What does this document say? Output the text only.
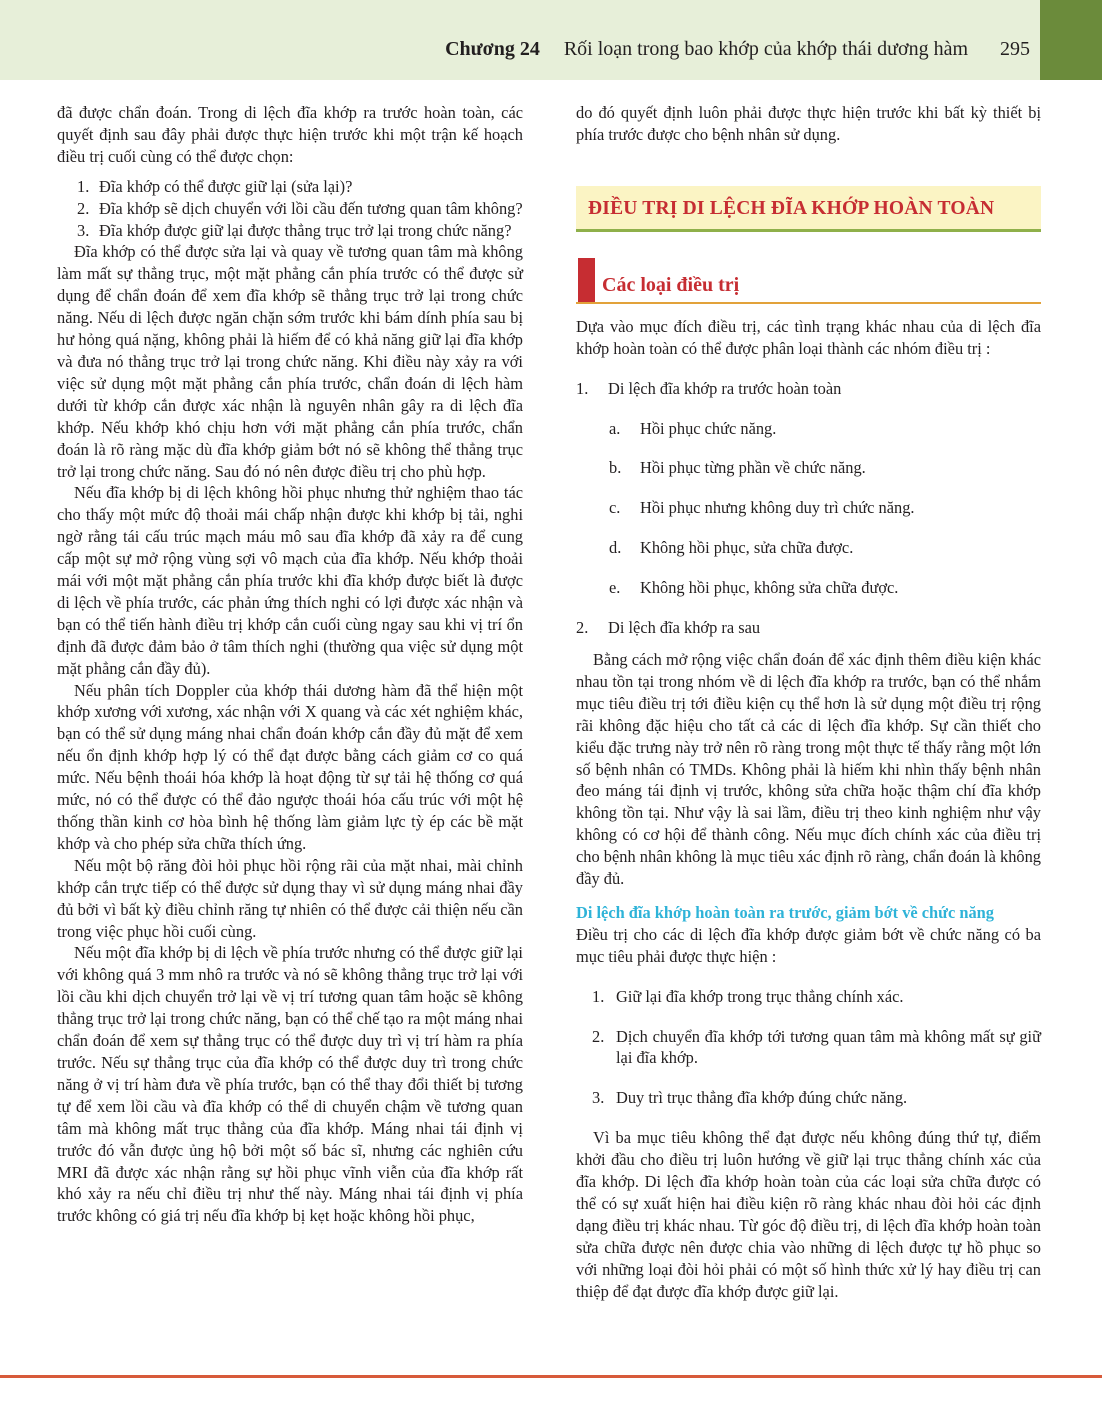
Chương 24 Rối loạn trong bao khớp của khớp thái dương hàm 295

đã được chẩn đoán. Trong di lệch đĩa khớp ra trước hoàn toàn, các quyết định sau đây phải được thực hiện trước khi một trận kế hoạch điều trị cuối cùng có thể được chọn:

1. Đĩa khớp có thể được giữ lại (sửa lại)?
2. Đĩa khớp sẽ dịch chuyển với lồi cầu đến tương quan tâm không?
3. Đĩa khớp được giữ lại được thẳng trục trở lại trong chức năng?

Đĩa khớp có thể được sửa lại và quay về tương quan tâm mà không làm mất sự thẳng trục, một mặt phẳng cắn phía trước có thể được sử dụng để chẩn đoán để xem đĩa khớp sẽ thẳng trục trở lại trong chức năng. Nếu di lệch được ngăn chặn sớm trước khi bám dính phía sau bị hư hỏng quá nặng, không phải là hiếm để có khả năng giữ lại đĩa khớp và đưa nó thẳng trục trở lại trong chức năng. Khi điều này xảy ra với việc sử dụng một mặt phẳng cắn phía trước, chẩn đoán di lệch hàm dưới từ khớp cắn được xác nhận là nguyên nhân gây ra di lệch đĩa khớp. Nếu khớp khó chịu hơn với mặt phẳng cắn phía trước, chẩn đoán là rõ ràng mặc dù đĩa khớp giảm bớt nó sẽ không thể thẳng trục trở lại trong chức năng. Sau đó nó nên được điều trị cho phù hợp.

Nếu đĩa khớp bị di lệch không hồi phục nhưng thử nghiệm thao tác cho thấy một mức độ thoải mái chấp nhận được khi khớp bị tải, nghi ngờ rằng tái cấu trúc mạch máu mô sau đĩa khớp đã xảy ra để cung cấp một sự mở rộng vùng sợi vô mạch của đĩa khớp. Nếu khớp thoải mái với một mặt phẳng cắn phía trước khi đĩa khớp được biết là được di lệch về phía trước, các phản ứng thích nghi có lợi được xác nhận và bạn có thể tiến hành điều trị khớp cắn cuối cùng ngay sau khi vị trí ổn định đã được đảm bảo ở tâm thích nghi (thường qua việc sử dụng một mặt phẳng cắn đầy đủ).

Nếu phân tích Doppler của khớp thái dương hàm đã thể hiện một khớp xương với xương, xác nhận với X quang và các xét nghiệm khác, bạn có thể sử dụng máng nhai chẩn đoán khớp cắn đầy đủ mặt để xem nếu ổn định khớp hợp lý có thể đạt được bằng cách giảm cơ co quá mức. Nếu bệnh thoái hóa khớp là hoạt động từ sự tải hệ thống cơ quá mức, nó có thể được có thể đảo ngược thoái hóa cấu trúc với một hệ thống thần kinh cơ hòa bình hệ thống làm giảm lực tỳ ép các bề mặt khớp và cho phép sửa chữa thích ứng.

Nếu một bộ răng đòi hỏi phục hồi rộng rãi của mặt nhai, mài chỉnh khớp cắn trực tiếp có thể được sử dụng thay vì sử dụng máng nhai đầy đủ bởi vì bất kỳ điều chỉnh răng tự nhiên có thể được cải thiện nếu cần trong việc phục hồi cuối cùng.

Nếu một đĩa khớp bị di lệch về phía trước nhưng có thể được giữ lại với không quá 3 mm nhô ra trước và nó sẽ không thẳng trục trở lại với lồi cầu khi dịch chuyển trở lại về vị trí tương quan tâm hoặc sẽ không thẳng trục trở lại trong chức năng, bạn có thể chế tạo ra một máng nhai chẩn đoán để xem sự thẳng trục có thể được duy trì vị trí hàm ra phía trước. Nếu sự thẳng trục của đĩa khớp có thể được duy trì trong chức năng ở vị trí hàm đưa về phía trước, bạn có thể thay đổi thiết bị tương tự để xem lồi cầu và đĩa khớp có thể di chuyển chậm về tương quan tâm mà không mất trục thẳng của đĩa khớp. Máng nhai tái định vị trước đó vẫn được ủng hộ bởi một số bác sĩ, nhưng các nghiên cứu MRI đã được xác nhận rằng sự hồi phục vĩnh viễn của đĩa khớp rất khó xảy ra nếu chỉ điều trị như thế này. Máng nhai tái định vị phía trước không có giá trị nếu đĩa khớp bị kẹt hoặc không hồi phục,

do đó quyết định luôn phải được thực hiện trước khi bất kỳ thiết bị phía trước được cho bệnh nhân sử dụng.

ĐIỀU TRỊ DI LỆCH ĐĨA KHỚP HOÀN TOÀN
Các loại điều trị

Dựa vào mục đích điều trị, các tình trạng khác nhau của di lệch đĩa khớp hoàn toàn có thể được phân loại thành các nhóm điều trị :

1. Di lệch đĩa khớp ra trước hoàn toàn
a. Hồi phục chức năng.
b. Hồi phục từng phần về chức năng.
c. Hồi phục nhưng không duy trì chức năng.
d. Không hồi phục, sửa chữa được.
e. Không hồi phục, không sửa chữa được.
2. Di lệch đĩa khớp ra sau

Bằng cách mở rộng việc chẩn đoán để xác định thêm điều kiện khác nhau tồn tại trong nhóm về di lệch đĩa khớp ra trước, bạn có thể nhắm mục tiêu điều trị tới điều kiện cụ thể hơn là sử dụng một điều trị rộng rãi không đặc hiệu cho tất cả các di lệch đĩa khớp. Sự cần thiết cho kiểu đặc trưng này trở nên rõ ràng trong một thực tế thấy rằng một lớn số bệnh nhân có TMDs. Không phải là hiếm khi nhìn thấy bệnh nhân đeo máng tái định vị trước, không sửa chữa hoặc thậm chí đĩa khớp không tồn tại. Như vậy là sai lầm, điều trị theo kinh nghiệm như vậy không có cơ hội để thành công. Nếu mục đích chính xác của điều trị cho bệnh nhân không là mục tiêu xác định rõ ràng, chẩn đoán là không đầy đủ.

Di lệch đĩa khớp hoàn toàn ra trước, giảm bớt về chức năng

Điều trị cho các di lệch đĩa khớp được giảm bớt về chức năng có ba mục tiêu phải được thực hiện :

1. Giữ lại đĩa khớp trong trục thẳng chính xác.
2. Dịch chuyển đĩa khớp tới tương quan tâm mà không mất sự giữ lại đĩa khớp.
3. Duy trì trục thẳng đĩa khớp đúng chức năng.

Vì ba mục tiêu không thể đạt được nếu không đúng thứ tự, điểm khởi đầu cho điều trị luôn hướng về giữ lại trục thẳng chính xác của đĩa khớp. Di lệch đĩa khớp hoàn toàn của các loại sửa chữa được có thể có sự xuất hiện hai điều kiện rõ ràng khác nhau đòi hỏi các định dạng điều trị khác nhau. Từ góc độ điều trị, di lệch đĩa khớp hoàn toàn sửa chữa được nên được chia vào những di lệch được tự hồ phục so với những loại đòi hỏi phải có một số hình thức xử lý hay điều trị can thiệp để đạt được đĩa khớp được giữ lại.
